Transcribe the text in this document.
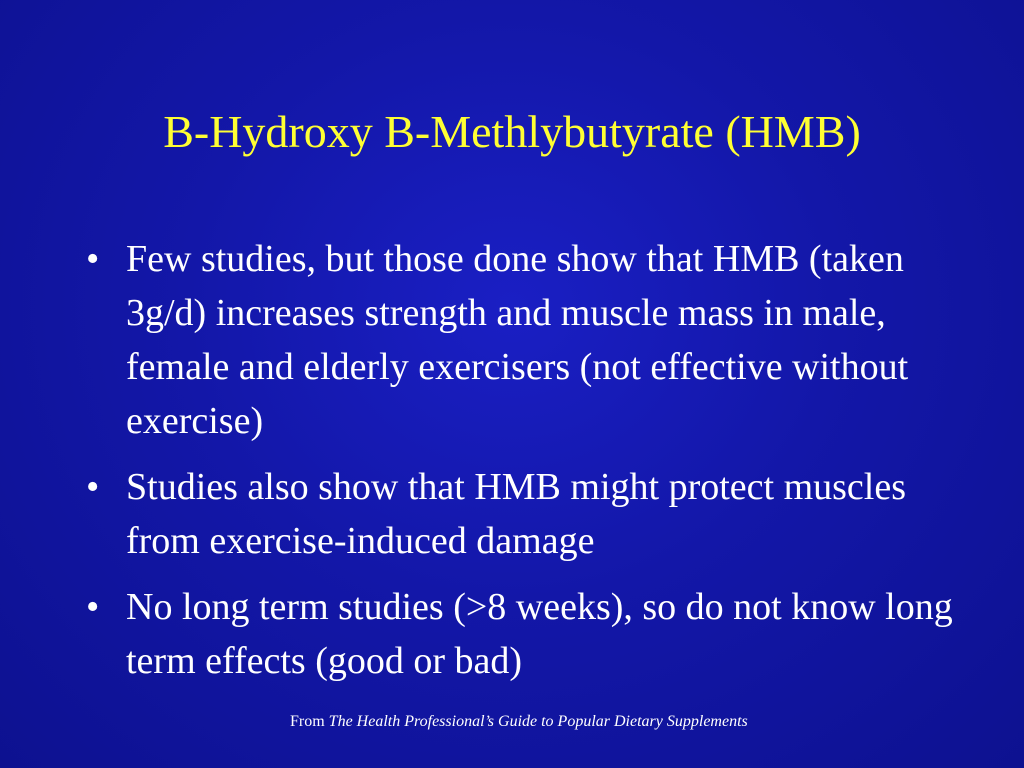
B-Hydroxy B-Methlybutyrate (HMB)
• Few studies, but those done show that HMB (taken 3g/d) increases strength and muscle mass in male, female and elderly exercisers (not effective without exercise)
• Studies also show that HMB might protect muscles from exercise-induced damage
• No long term studies (>8 weeks), so do not know long term effects (good or bad)
From The Health Professional’s Guide to Popular Dietary Supplements
